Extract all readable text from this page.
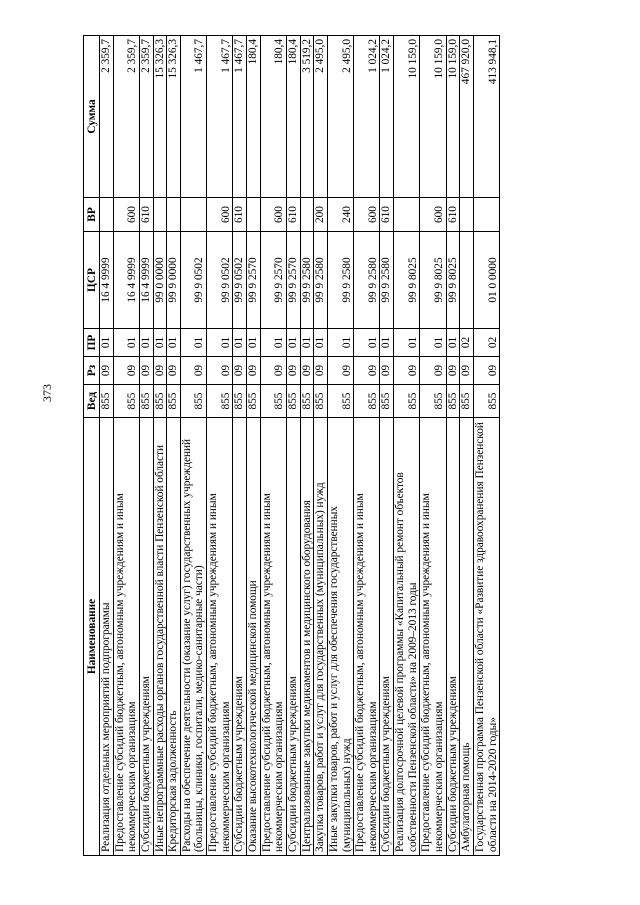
373
Наименование	Вед	Рз	ПР	ЦСР	ВР	Сумма
Реализация отдельных мероприятий подпрограммы	855	09	01	16 4 9999		2 359,7
Предоставление субсидий бюджетным, автономным учреждениям и иным некоммерческим организациям	855	09	01	16 4 9999	600	2 359,7
Субсидии бюджетным учреждениям	855	09	01	16 4 9999	610	2 359,7
Иные непрограммные расходы органов государственной власти Пензенской области	855	09	01	99 0 0000		15 326,3
Кредиторская задолженность	855	09	01	99 9 0000		15 326,3
Расходы на обеспечение деятельности (оказание услуг) государственных учреждений (больницы, клиники, госпитали, медико-санитарные части)	855	09	01	99 9 0502		1 467,7
Предоставление субсидий бюджетным, автономным учреждениям и иным некоммерческим организациям	855	09	01	99 9 0502	600	1 467,7
Субсидии бюджетным учреждениям	855	09	01	99 9 0502	610	1 467,7
Оказание высокотехнологической медицинской помощи	855	09	01	99 9 2570		180,4
Предоставление субсидий бюджетным, автономным учреждениям и иным некоммерческим организациям	855	09	01	99 9 2570	600	180,4
Субсидии бюджетным учреждениям	855	09	01	99 9 2570	610	180,4
Централизованные закупки медикаментов и медицинского оборудования	855	09	01	99 9 2580		3 519,2
Закупка товаров, работ и услуг для государственных (муниципальных) нужд	855	09	01	99 9 2580	200	2 495,0
Иные закупки товаров, работ и услуг для обеспечения государственных (муниципальных) нужд	855	09	01	99 9 2580	240	2 495,0
Предоставление субсидий бюджетным, автономным учреждениям и иным некоммерческим организациям	855	09	01	99 9 2580	600	1 024,2
Субсидии бюджетным учреждениям	855	09	01	99 9 2580	610	1 024,2
Реализация долгосрочной целевой программы «Капитальный ремонт объектов собственности Пензенской области» на 2009–2013 годы	855	09	01	99 9 8025		10 159,0
Предоставление субсидий бюджетным, автономным учреждениям и иным некоммерческим организациям	855	09	01	99 9 8025	600	10 159,0
Субсидии бюджетным учреждениям	855	09	01	99 9 8025	610	10 159,0
Амбулаторная помощь	855	09	02			467 920,0
Государственная программа Пензенской области «Развитие здравоохранения Пензенской области на 2014-2020 годы»	855	09	02	01 0 0000		413 948,1
